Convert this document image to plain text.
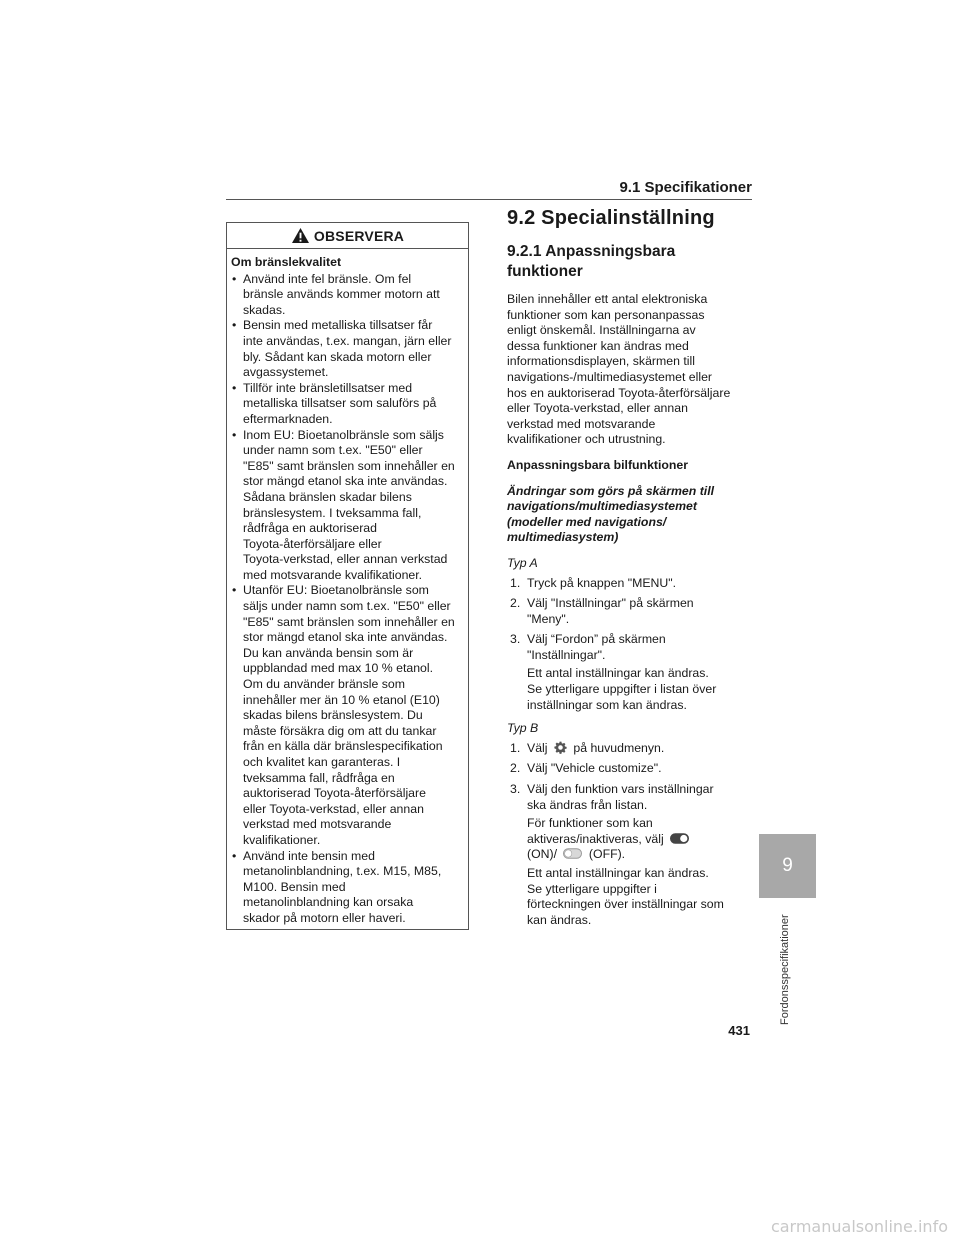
9.1 Specifikationer
OBSERVERA
Om bränslekvalitet
• Använd inte fel bränsle. Om fel
bränsle används kommer motorn att
skadas.
• Bensin med metalliska tillsatser får
inte användas, t.ex. mangan, järn eller
bly. Sådant kan skada motorn eller
avgassystemet.
• Tillför inte bränsletillsatser med
metalliska tillsatser som saluförs på
eftermarknaden.
• Inom EU: Bioetanolbränsle som säljs
under namn som t.ex. "E50" eller
"E85" samt bränslen som innehåller en
stor mängd etanol ska inte användas.
Sådana bränslen skadar bilens
bränslesystem. I tveksamma fall,
rådfråga en auktoriserad
Toyota-återförsäljare eller
Toyota-verkstad, eller annan verkstad
med motsvarande kvalifikationer.
• Utanför EU: Bioetanolbränsle som
säljs under namn som t.ex. "E50" eller
"E85" samt bränslen som innehåller en
stor mängd etanol ska inte användas.
Du kan använda bensin som är
uppblandad med max 10 % etanol.
Om du använder bränsle som
innehåller mer än 10 % etanol (E10)
skadas bilens bränslesystem. Du
måste försäkra dig om att du tankar
från en källa där bränslespecifikation
och kvalitet kan garanteras. I
tveksamma fall, rådfråga en
auktoriserad Toyota-återförsäljare
eller Toyota-verkstad, eller annan
verkstad med motsvarande
kvalifikationer.
• Använd inte bensin med
metanolinblandning, t.ex. M15, M85,
M100. Bensin med
metanolinblandning kan orsaka
skador på motorn eller haveri.
9.2 Specialinställning
9.2.1 Anpassningsbara
funktioner
Bilen innehåller ett antal elektroniska
funktioner som kan personanpassas
enligt önskemål. Inställningarna av
dessa funktioner kan ändras med
informationsdisplayen, skärmen till
navigations-/multimediasystemet eller
hos en auktoriserad Toyota-återförsäljare
eller Toyota-verkstad, eller annan
verkstad med motsvarande
kvalifikationer och utrustning.
Anpassningsbara bilfunktioner
Ändringar som görs på skärmen till
navigations/multimediasystemet
(modeller med navigations/
multimediasystem)
Typ A
1. Tryck på knappen "MENU".
2. Välj "Inställningar" på skärmen
"Meny".
3. Välj “Fordon” på skärmen
"Inställningar".
Ett antal inställningar kan ändras.
Se ytterligare uppgifter i listan över
inställningar som kan ändras.
Typ B
1. Välj på huvudmenyn.
2. Välj "Vehicle customize".
3. Välj den funktion vars inställningar
ska ändras från listan.
För funktioner som kan
aktiveras/inaktiveras, välj
(ON)/	(OFF).
Ett antal inställningar kan ändras.
Se ytterligare uppgifter i
förteckningen över inställningar som
kan ändras.
9
Fordonsspecifikationer
431
carmanualsonline.info
